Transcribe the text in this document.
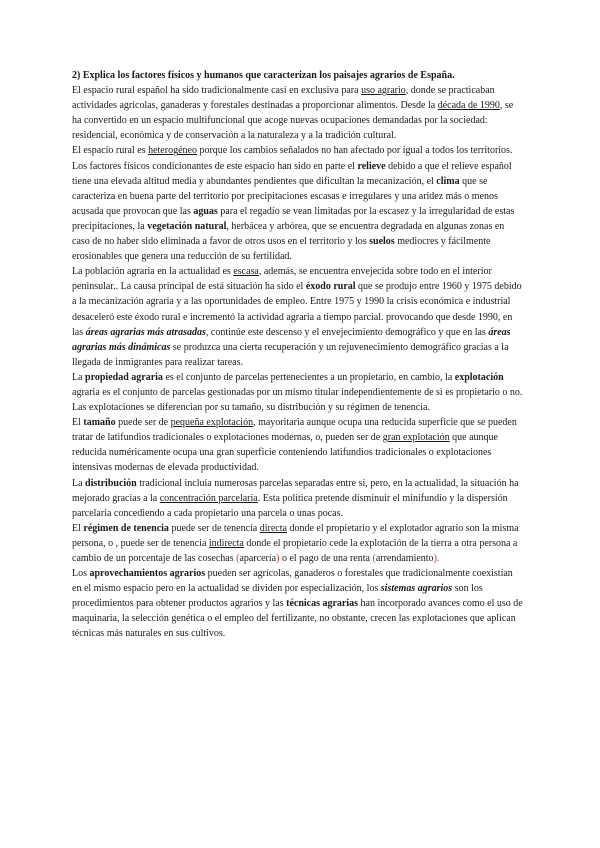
2) Explica los factores físicos y humanos que caracterizan los paisajes agrarios de España.

El espacio rural español ha sido tradicionalmente casi en exclusiva para uso agrario, donde se practicaban actividades agrícolas, ganaderas y forestales destinadas a proporcionar alimentos. Desde la década de 1990, se ha convertido en un espacio multifuncional que acoge nuevas ocupaciones demandadas por la sociedad: residencial, económica y de conservación a la naturaleza y a la tradición cultural.

El espacio rural es heterogéneo porque los cambios señalados no han afectado por igual a todos los territorios.

Los factores físicos condicionantes de este espacio han sido en parte el relieve debido a que el relieve español tiene una elevada altitud media y abundantes pendientes que dificultan la mecanización, el clima que se caracteriza en buena parte del territorio por precipitaciones escasas e irregulares y una aridez más o menos acusada que provocan que las aguas para el regadío se vean limitadas por la escasez y la irregularidad de estas precipitaciones, la vegetación natural, herbácea y arbórea, que se encuentra degradada en algunas zonas en caso de no haber sido eliminada a favor de otros usos en el territorio y los suelos mediocres y fácilmente erosionables que genera una reducción de su fertilidad.

La población agraria en la actualidad es escasa, además, se encuentra envejecida sobre todo en el interior peninsular.. La causa principal de está situación ha sido el éxodo rural que se produjo entre 1960 y 1975 debido a la mecanización agraria y a las oportunidades de empleo. Entre 1975 y 1990 la crisis económica e industrial desaceleró este éxodo rural e incrementó la actividad agraria a tiempo parcial. provocando que desde 1990, en las áreas agrarias más atrasadas, continúe este descenso y el envejecimiento demográfico y que en las áreas agrarias más dinámicas se produzca una cierta recuperación y un rejuvenecimiento demográfico gracias a la llegada de inmigrantes para realizar tareas.

La propiedad agraria es el conjunto de parcelas pertenecientes a un propietario, en cambio, la explotación agraria es el conjunto de parcelas gestionadas por un mismo titular independientemente de si es propietario o no. Las explotaciones se diferencian por su tamaño, su distribución y su régimen de tenencia.

El tamaño puede ser de pequeña explotación, mayoritaria aunque ocupa una reducida superficie que se pueden tratar de latifundios tradicionales o explotaciones modernas, o, pueden ser de gran explotación que aunque reducida numéricamente ocupa una gran superficie conteniendo latifundios tradicionales o explotaciones intensivas modernas de elevada productividad.

La distribución tradicional incluía numerosas parcelas separadas entre sí, pero, en la actualidad, la situación ha mejorado gracias a la concentración parcelaria. Esta política pretende disminuir el minifundio y la dispersión parcelaria concediendo a cada propietario una parcela o unas pocas.

El régimen de tenencia puede ser de tenencia directa donde el propietario y el explotador agrario son la misma persona, o , puede ser de tenencia indirecta donde el propietario cede la explotación de la tierra a otra persona a cambio de un porcentaje de las cosechas (aparcería) o el pago de una renta (arrendamiento).

Los aprovechamientos agrarios pueden ser agrícolas, ganaderos o forestales que tradicionalmente coexistían en el mismo espacio pero en la actualidad se dividen por especialización, los sistemas agrarios son los procedimientos para obtener productos agrarios y las técnicas agrarias han incorporado avances como el uso de maquinaria, la selección genética o el empleo del fertilizante, no obstante, crecen las explotaciones que aplican técnicas más naturales en sus cultivos.
